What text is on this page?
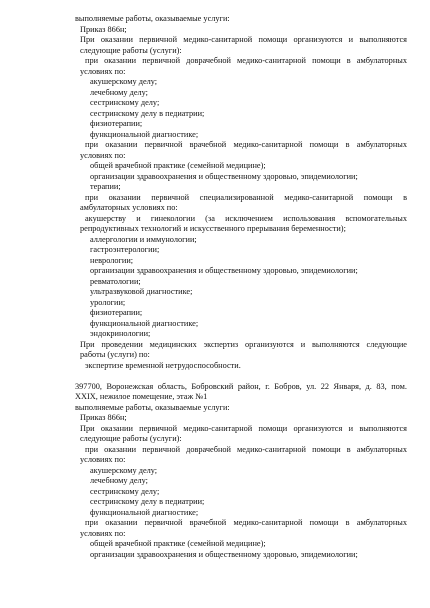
выполняемые работы, оказываемые услуги:
Приказ 866н;
При оказании первичной медико-санитарной помощи организуются и выполняются
следующие работы (услуги):
при оказании первичной доврачебной медико-санитарной помощи в амбулаторных
условиях по:
акушерскому делу;
лечебному делу;
сестринскому делу;
сестринскому делу в педиатрии;
физиотерапии;
функциональной диагностике;
при оказании первичной врачебной медико-санитарной помощи в амбулаторных
условиях по:
общей врачебной практике (семейной медицине);
организации здравоохранения и общественному здоровью, эпидемиологии;
терапии;
при оказании первичной специализированной медико-санитарной помощи в
амбулаторных условиях по:
акушерству и гинекологии (за исключением использования вспомогательных
репродуктивных технологий и искусственного прерывания беременности);
аллергологии и иммунологии;
гастроэнтерологии;
неврологии;
организации здравоохранения и общественному здоровью, эпидемиологии;
ревматологии;
ультразвуковой диагностике;
урологии;
физиотерапии;
функциональной диагностике;
эндокринологии;
При проведении медицинских экспертиз организуются и выполняются следующие
работы (услуги) по:
экспертизе временной нетрудоспособности.
397700, Воронежская область, Бобровский район, г. Бобров, ул. 22 Января, д. 83, пом.
XXIX, нежилое помещение, этаж №1
выполняемые работы, оказываемые услуги:
Приказ 866н;
При оказании первичной медико-санитарной помощи организуются и выполняются
следующие работы (услуги):
при оказании первичной доврачебной медико-санитарной помощи в амбулаторных
условиях по:
акушерскому делу;
лечебному делу;
сестринскому делу;
сестринскому делу в педиатрии;
функциональной диагностике;
при оказании первичной врачебной медико-санитарной помощи в амбулаторных
условиях по:
общей врачебной практике (семейной медицине);
организации здравоохранения и общественному здоровью, эпидемиологии;
